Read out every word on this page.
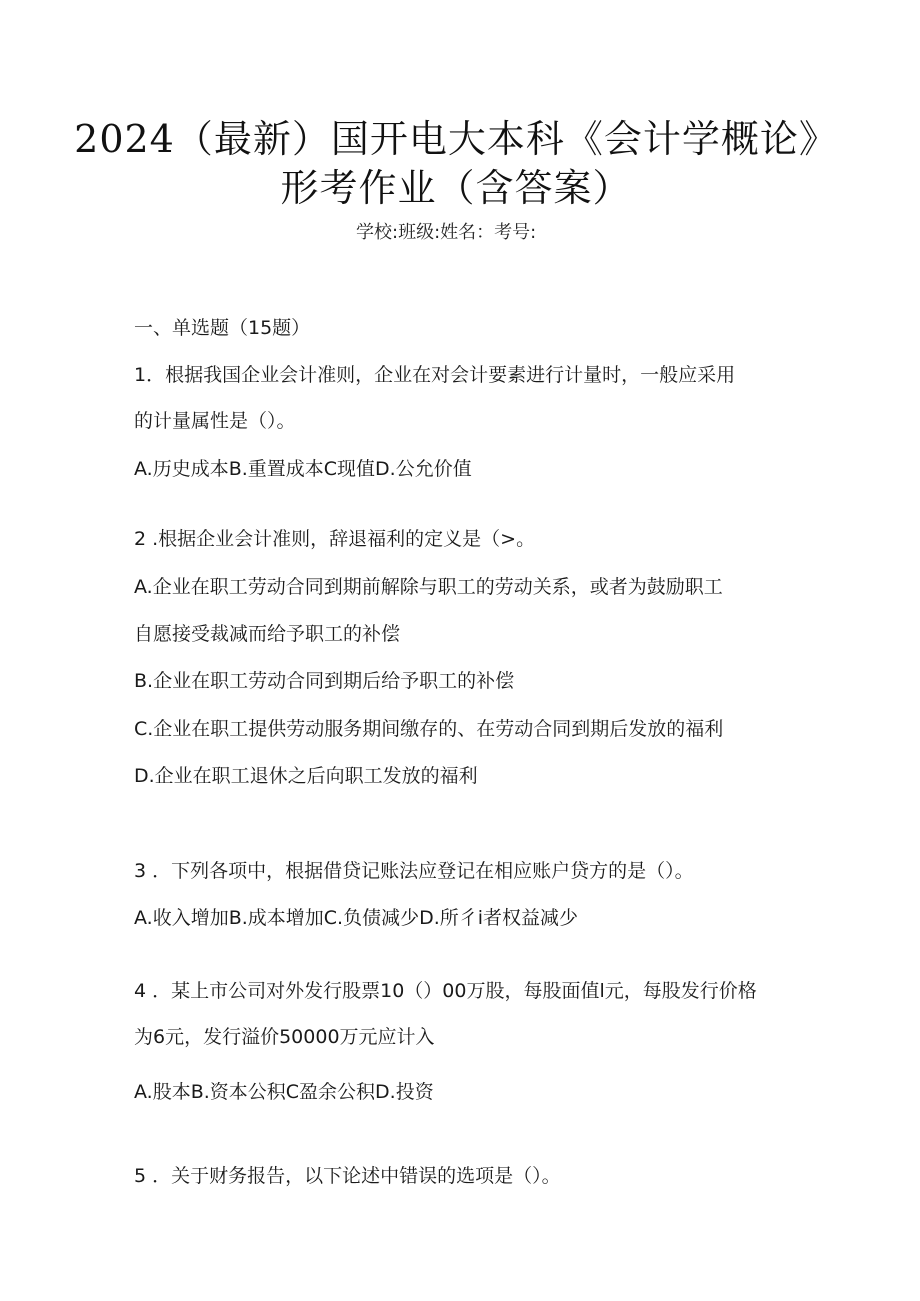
2024（最新）国开电大本科《会计学概论》
形考作业（含答案）
学校:班级:姓名：考号:
一、单选题（15题）
1．根据我国企业会计准则，企业在对会计要素进行计量时，一般应采用
的计量属性是（）。
A.历史成本B.重置成本C现值D.公允价值
2 .根据企业会计准则，辞退福利的定义是（>。
A.企业在职工劳动合同到期前解除与职工的劳动关系，或者为鼓励职工
自愿接受裁减而给予职工的补偿
B.企业在职工劳动合同到期后给予职工的补偿
C.企业在职工提供劳动服务期间缴存的、在劳动合同到期后发放的福利
D.企业在职工退休之后向职工发放的福利
3 ．下列各项中，根据借贷记账法应登记在相应账户贷方的是（）。
A.收入增加B.成本增加C.负债减少D.所彳i者权益减少
4 ．某上市公司对外发行股票10（）00万股，每股面值l元，每股发行价格
为6元，发行溢价50000万元应计入
A.股本B.资本公积C盈余公积D.投资
5 ．关于财务报告，以下论述中错误的选项是（）。
